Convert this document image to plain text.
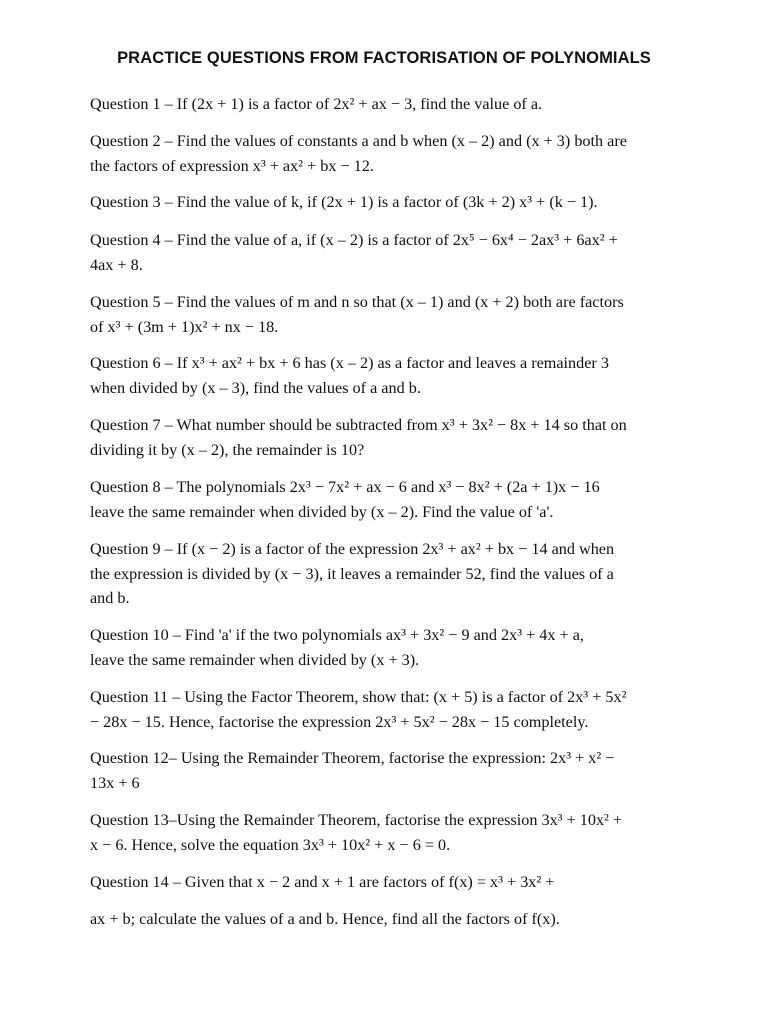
PRACTICE QUESTIONS FROM FACTORISATION OF POLYNOMIALS
Question 1 – If (2x + 1) is a factor of 2x² + ax − 3, find the value of a.
Question 2 – Find the values of constants a and b when (x – 2) and (x + 3) both are
the factors of expression x³ + ax² + bx − 12.
Question 3 – Find the value of k, if (2x + 1) is a factor of (3k + 2) x³ + (k − 1).
Question 4 – Find the value of a, if (x – 2) is a factor of 2x⁵ − 6x⁴ − 2ax³ + 6ax² +
4ax + 8.
Question 5 – Find the values of m and n so that (x – 1) and (x + 2) both are factors
of x³ + (3m + 1)x² + nx − 18.
Question 6 – If x³ + ax² + bx + 6 has (x – 2) as a factor and leaves a remainder 3
when divided by (x – 3), find the values of a and b.
Question 7 – What number should be subtracted from x³ + 3x² − 8x + 14 so that on
dividing it by (x – 2), the remainder is 10?
Question 8 – The polynomials 2x³ − 7x² + ax − 6 and x³ − 8x² + (2a + 1)x − 16
leave the same remainder when divided by (x – 2). Find the value of 'a'.
Question 9 – If (x − 2) is a factor of the expression 2x³ + ax² + bx − 14 and when
the expression is divided by (x − 3), it leaves a remainder 52, find the values of a
and b.
Question 10 – Find 'a' if the two polynomials ax³ + 3x² − 9 and 2x³ + 4x + a,
leave the same remainder when divided by (x + 3).
Question 11 – Using the Factor Theorem, show that: (x + 5) is a factor of 2x³ + 5x²
− 28x − 15. Hence, factorise the expression 2x³ + 5x² − 28x − 15 completely.
Question 12– Using the Remainder Theorem, factorise the expression: 2x³ + x² −
13x + 6
Question 13–Using the Remainder Theorem, factorise the expression 3x³ + 10x² +
x − 6. Hence, solve the equation 3x³ + 10x² + x − 6 = 0.
Question 14 – Given that x − 2 and x + 1 are factors of f(x) = x³ + 3x² +
ax + b; calculate the values of a and b. Hence, find all the factors of f(x).
